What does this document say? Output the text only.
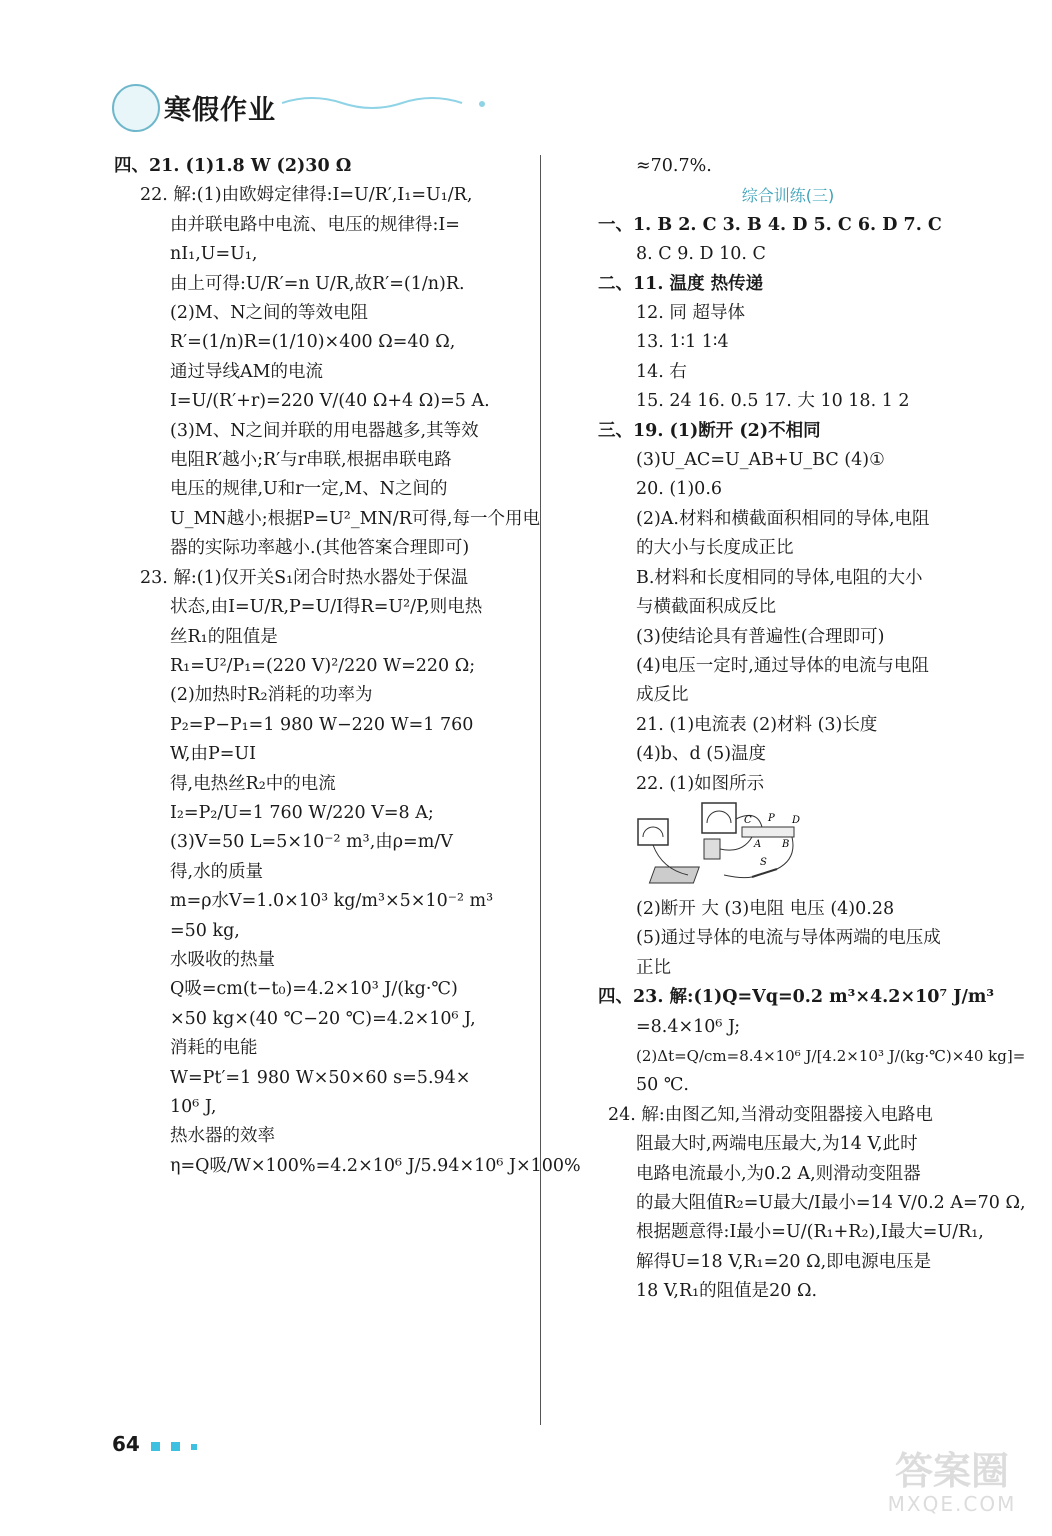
寒假作业
四、21. (1)1.8 W (2)30 Ω
22. 解:(1)由欧姆定律得:I=U/R′,I₁=U₁/R,
由并联电路中电流、电压的规律得:I=
nI₁,U=U₁,
由上可得:U/R′=n U/R,故R′=(1/n)R.
(2)M、N之间的等效电阻
R′=(1/n)R=(1/10)×400 Ω=40 Ω,
通过导线AM的电流
I=U/(R′+r)=220 V/(40 Ω+4 Ω)=5 A.
(3)M、N之间并联的用电器越多,其等效
电阻R′越小;R′与r串联,根据串联电路
电压的规律,U和r一定,M、N之间的
U_MN越小;根据P=U²_MN/R可得,每一个用电
器的实际功率越小.(其他答案合理即可)
23. 解:(1)仅开关S₁闭合时热水器处于保温
状态,由I=U/R,P=U/I得R=U²/P,则电热
丝R₁的阻值是
R₁=U²/P₁=(220 V)²/220 W=220 Ω;
(2)加热时R₂消耗的功率为
P₂=P−P₁=1 980 W−220 W=1 760
W,由P=UI
得,电热丝R₂中的电流
I₂=P₂/U=1 760 W/220 V=8 A;
(3)V=50 L=5×10⁻² m³,由ρ=m/V
得,水的质量
m=ρ水V=1.0×10³ kg/m³×5×10⁻² m³
=50 kg,
水吸收的热量
Q吸=cm(t−t₀)=4.2×10³ J/(kg·℃)
×50 kg×(40 ℃−20 ℃)=4.2×10⁶ J,
消耗的电能
W=Pt′=1 980 W×50×60 s=5.94×
10⁶ J,
热水器的效率
η=Q吸/W×100%=4.2×10⁶ J/5.94×10⁶ J×100%
≈70.7%.
综合训练(三)
一、1. B 2. C 3. B 4. D 5. C 6. D 7. C
8. C 9. D 10. C
二、11. 温度 热传递
12. 同 超导体
13. 1∶1 1∶4
14. 右
15. 24 16. 0.5 17. 大 10 18. 1 2
三、19. (1)断开 (2)不相同
(3)U_AC=U_AB+U_BC (4)①
20. (1)0.6
(2)A.材料和横截面积相同的导体,电阻
的大小与长度成正比
B.材料和长度相同的导体,电阻的大小
与横截面积成反比
(3)使结论具有普遍性(合理即可)
(4)电压一定时,通过导体的电流与电阻
成反比
21. (1)电流表 (2)材料 (3)长度
(4)b、d (5)温度
22. (1)如图所示
C P D
A B
S
(2)断开 大 (3)电阻 电压 (4)0.28
(5)通过导体的电流与导体两端的电压成
正比
四、23. 解:(1)Q=Vq=0.2 m³×4.2×10⁷ J/m³
=8.4×10⁶ J;
(2)Δt=Q/cm=8.4×10⁶ J/[4.2×10³ J/(kg·℃)×40 kg]=
50 ℃.
24. 解:由图乙知,当滑动变阻器接入电路电
阻最大时,两端电压最大,为14 V,此时
电路电流最小,为0.2 A,则滑动变阻器
的最大阻值R₂=U最大/I最小=14 V/0.2 A=70 Ω,
根据题意得:I最小=U/(R₁+R₂),I最大=U/R₁,
解得U=18 V,R₁=20 Ω,即电源电压是
18 V,R₁的阻值是20 Ω.
64
答案圈
MXQE.COM
